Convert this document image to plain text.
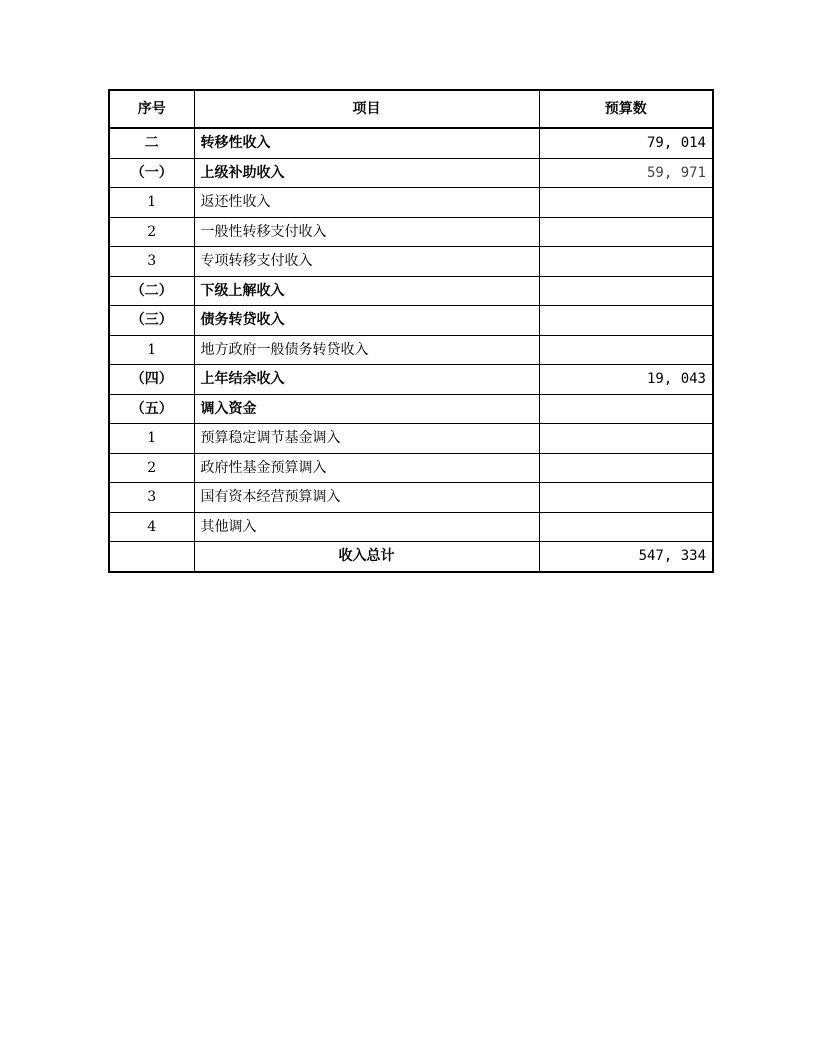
序号	项目	预算数
二	转移性收入	79, 014
（一）	上级补助收入	59, 971
1	返还性收入	
2	一般性转移支付收入	
3	专项转移支付收入	
（二）	下级上解收入	
（三）	债务转贷收入	
1	地方政府一般债务转贷收入	
（四）	上年结余收入	19, 043
（五）	调入资金	
1	预算稳定调节基金调入	
2	政府性基金预算调入	
3	国有资本经营预算调入	
4	其他调入	
	收入总计	547, 334
